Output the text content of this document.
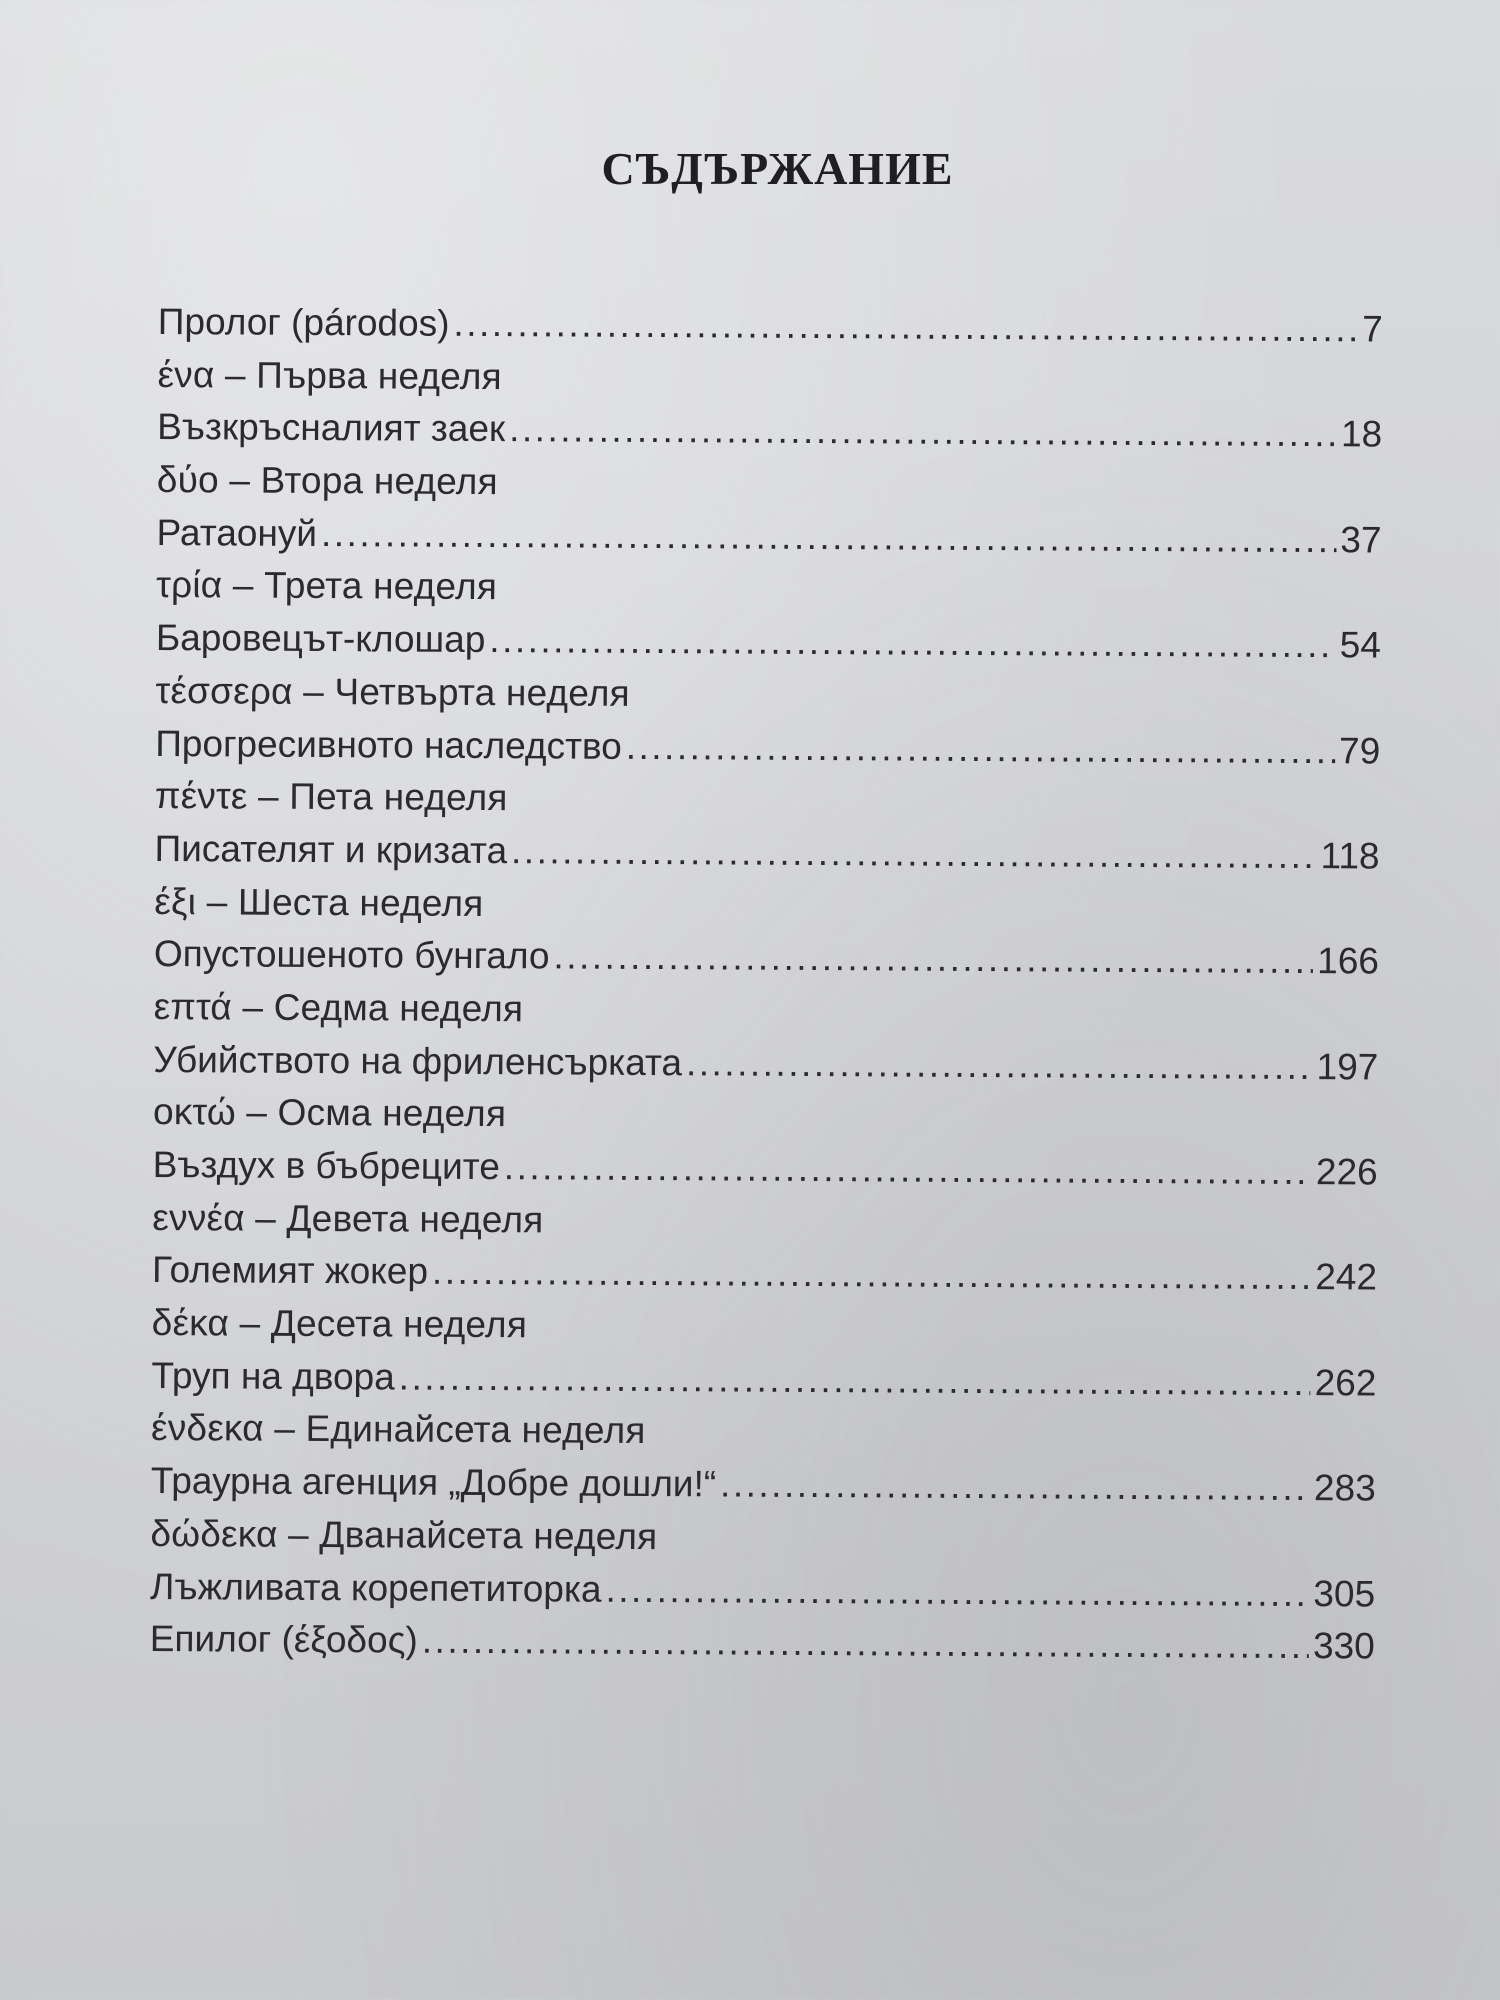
СЪДЪРЖАНИЕ
Пролог (párodos) .....	7
ένα – Първа неделя
Възкръсналият заек .....	18
δύο – Втора неделя
Ратаонуй .....	37
τρία – Трета неделя
Баровецът-клошар .....	54
τέσσερα – Четвърта неделя
Прогресивното наследство .....	79
πέντε – Пета неделя
Писателят и кризата .....	118
έξι – Шеста неделя
Опустошеното бунгало .....	166
επτά – Седма неделя
Убийството на фриленсърката .....	197
οκτώ – Осма неделя
Въздух в бъбреците .....	226
εννέα – Девета неделя
Големият жокер .....	242
δέκα – Десета неделя
Труп на двора .....	262
ένδεκα – Единайсета неделя
Траурна агенция „Добре дошли!“ .....	283
δώδεκα – Дванайсета неделя
Лъжливата корепетиторка .....	305
Епилог (έξοδος) .....	330
